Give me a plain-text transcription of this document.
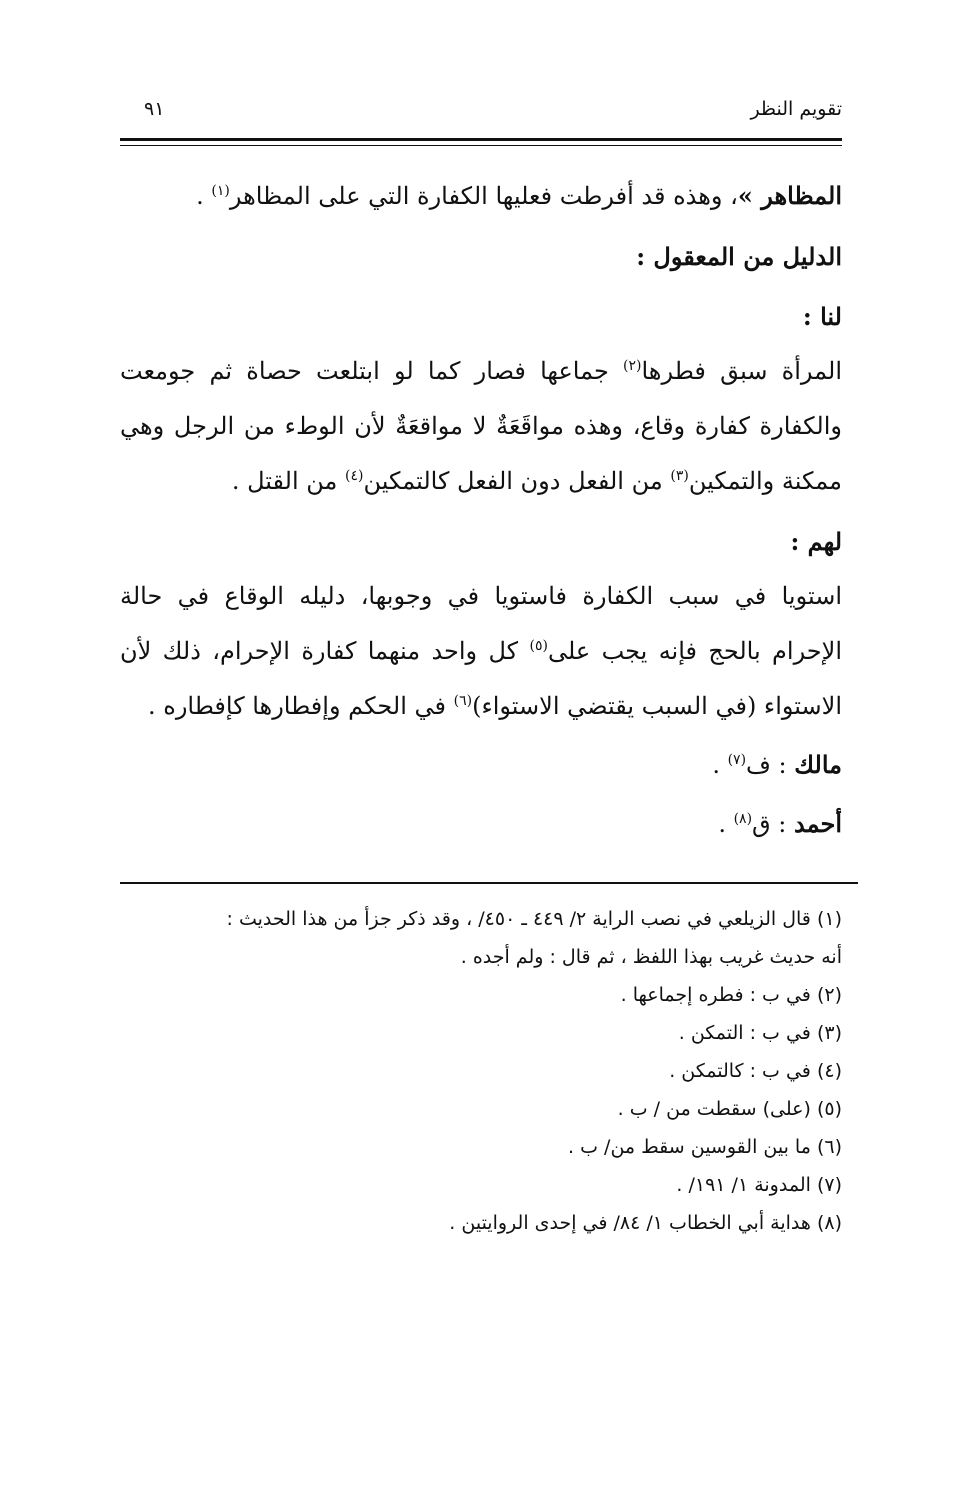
تقويم النظر
٩١

المظاهر »، وهذه قد أفرطت فعليها الكفارة التي على المظاهر$^{(١)}$ .

الدليل من المعقول :

لنا :

المرأة سبق فطرها$^{(٢)}$ جماعها فصار كما لو ابتلعت حصاة ثم جومعت والكفارة كفارة وقاع، وهذه مواقَعَةٌ لا مواقعَةٌ لأن الوطء من الرجل وهي ممكنة والتمكين$^{(٣)}$ من الفعل دون الفعل كالتمكين$^{(٤)}$ من القتل .

لهم :

استويا في سبب الكفارة فاستويا في وجوبها، دليله الوقاع في حالة الإحرام بالحج فإنه يجب على$^{(٥)}$ كل واحد منهما كفارة الإحرام، ذلك لأن الاستواء (في السبب يقتضي الاستواء)$^{(٦)}$ في الحكم وإفطارها كإفطاره .

مالك : ف$^{(٧)}$ .

أحمد : ق$^{(٨)}$ .

(١) قال الزيلعي في نصب الراية ٢/ ٤٤٩ ـ ٤٥٠/ ، وقد ذكر جزأ من هذا الحديث :

أنه حديث غريب بهذا اللفظ ، ثم قال : ولم أجده .

(٢) في ب : فطره إجماعها .

(٣) في ب : التمكن .

(٤) في ب : كالتمكن .

(٥) (على) سقطت من / ب .

(٦) ما بين القوسين سقط من/ ب .

(٧) المدونة ١/ ١٩١/ .

(٨) هداية أبي الخطاب ١/ ٨٤/ في إحدى الروايتين .
